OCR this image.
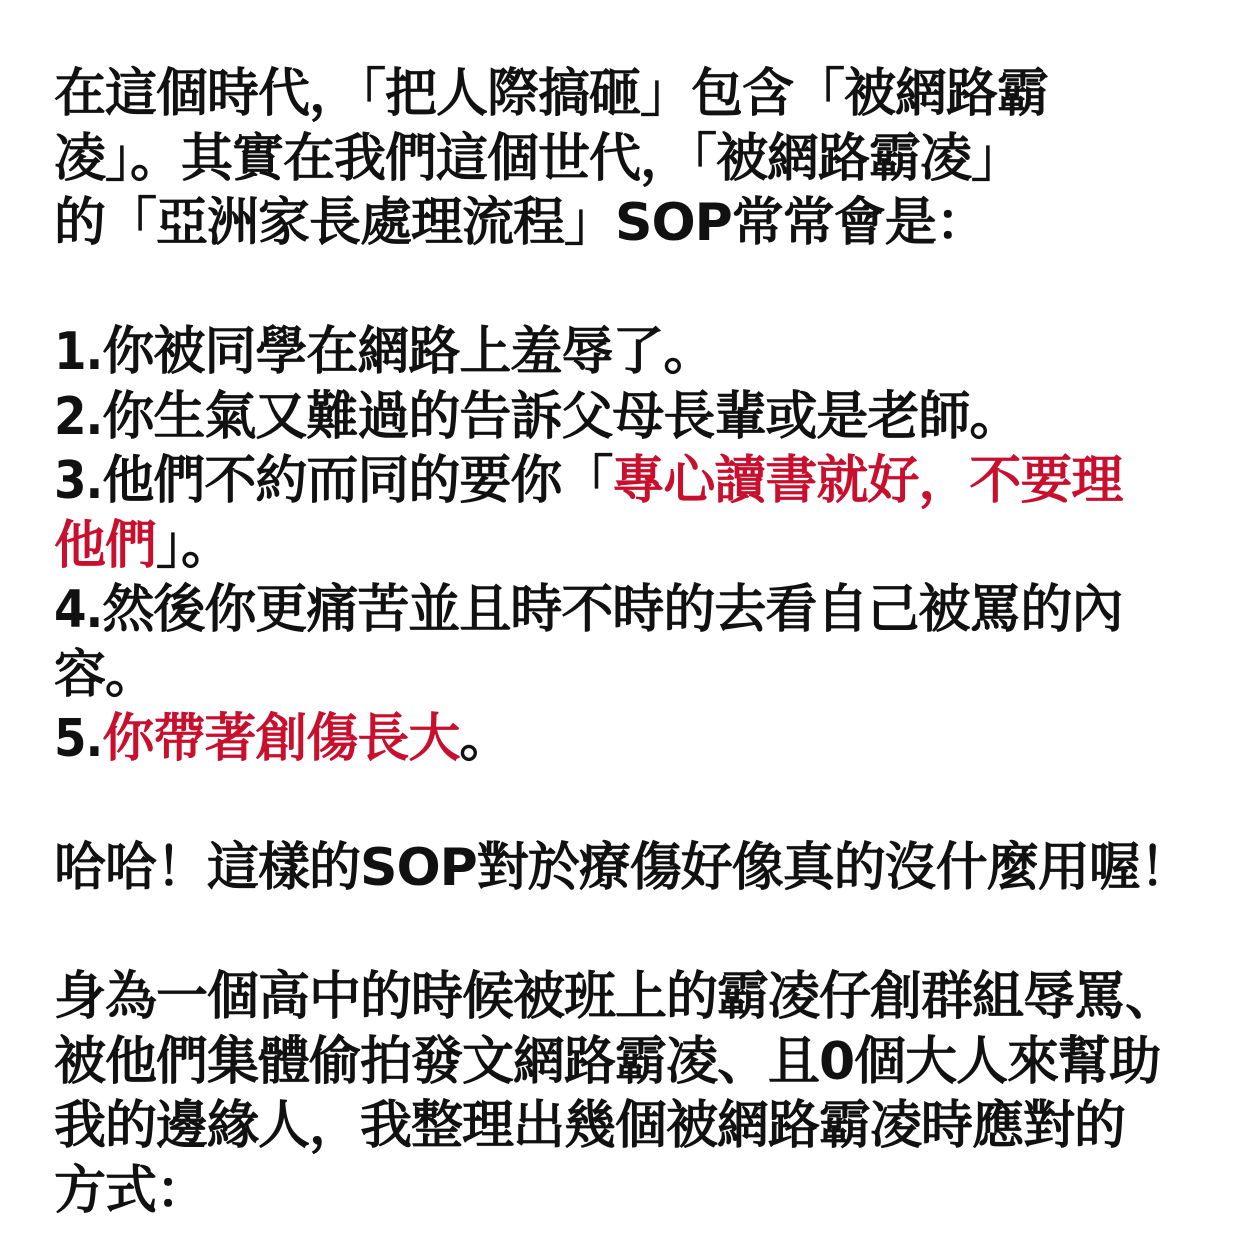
在這個時代，「把人際搞砸」包含「被網路霸
凌」。其實在我們這個世代，「被網路霸凌」
的「亞洲家長處理流程」SOP常常會是：
1.你被同學在網路上羞辱了。
2.你生氣又難過的告訴父母長輩或是老師。
3.他們不約而同的要你「專心讀書就好，不要理
他們」。
4.然後你更痛苦並且時不時的去看自己被罵的內
容。
5.你帶著創傷長大。
哈哈！這樣的SOP對於療傷好像真的沒什麼用喔！
身為一個高中的時候被班上的霸凌仔創群組辱罵、
被他們集體偷拍發文網路霸凌、且0個大人來幫助
我的邊緣人，我整理出幾個被網路霸凌時應對的
方式：
